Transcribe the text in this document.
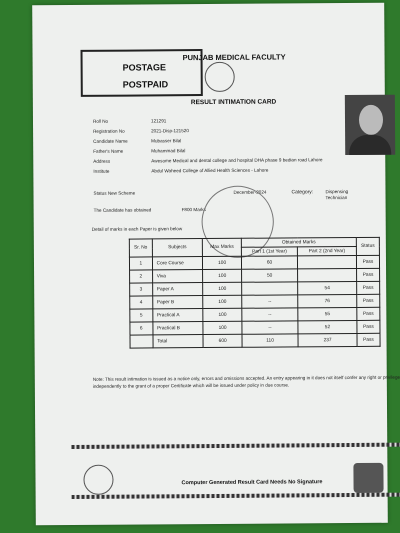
POSTAGE
POSTPAID
PUNJAB MEDICAL FACULTY
RESULT INTIMATION CARD
Roll No	121291
Registration No	2021-Disp-121520
Candidate Name	Mubasser Bilal
Father's Name	Muhammad Bilal
Address	Awesome Medical and dental college and hospital DHA phase 9 bedian road Lahore
Institute	Abdul Waheed College of Allied Health Sciences - Lahore
Status New Scheme	December-2024	Category:	Dispensing Technician
The Candidate has obtained	F800 Marks
Detail of marks in each Paper is given below
Sr. No	Subjects	Max Marks	Obtained Marks		Status
			Part 1 (1st Year)	Part 2 (2nd Year)	
1	Core Course	100	60		Pass
2	Viva	100	50		Pass
3	Paper A	100		54	Pass
4	Paper B	100	--	76	Pass
5	Practical A	100	--	55	Pass
6	Practical B	100	--	52	Pass
	Total	600	110	237	Pass
Note: This result intimation is issued as a notice only, errors and omissions accepted. An entry appearing in it does not itself confer any right or privilege independently to the grant of a proper Certificate which will be issued under policy in due course.
Computer Generated Result Card Needs No Signature
